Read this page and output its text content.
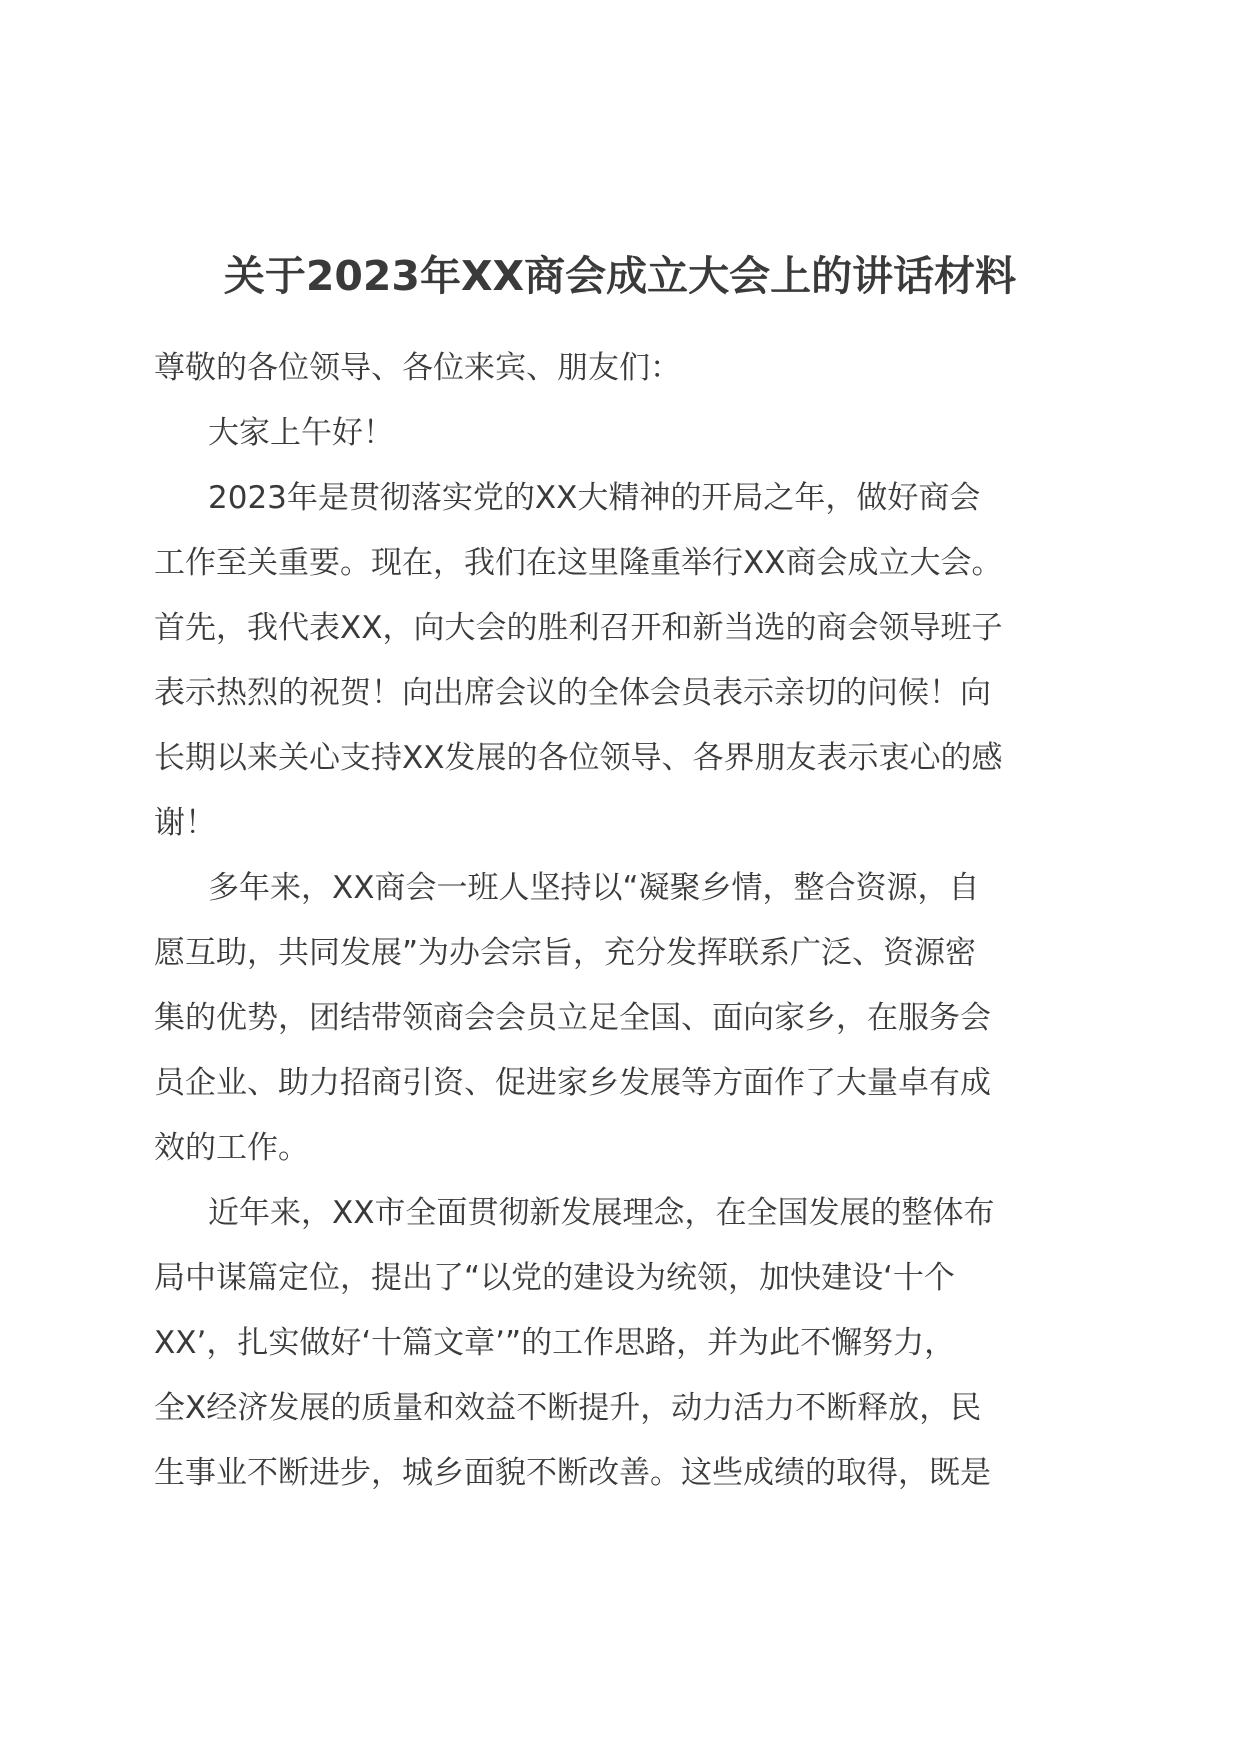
关于2023年XX商会成立大会上的讲话材料

尊敬的各位领导、各位来宾、朋友们：

大家上午好！

2023年是贯彻落实党的XX大精神的开局之年，做好商会
工作至关重要。现在，我们在这里隆重举行XX商会成立大会。
首先，我代表XX，向大会的胜利召开和新当选的商会领导班子
表示热烈的祝贺！向出席会议的全体会员表示亲切的问候！向
长期以来关心支持XX发展的各位领导、各界朋友表示衷心的感
谢！

多年来，XX商会一班人坚持以“凝聚乡情，整合资源，自
愿互助，共同发展”为办会宗旨，充分发挥联系广泛、资源密
集的优势，团结带领商会会员立足全国、面向家乡，在服务会
员企业、助力招商引资、促进家乡发展等方面作了大量卓有成
效的工作。

近年来，XX市全面贯彻新发展理念，在全国发展的整体布
局中谋篇定位，提出了“以党的建设为统领，加快建设‘十个
XX’，扎实做好‘十篇文章’”的工作思路，并为此不懈努力，
全X经济发展的质量和效益不断提升，动力活力不断释放，民
生事业不断进步，城乡面貌不断改善。这些成绩的取得，既是
